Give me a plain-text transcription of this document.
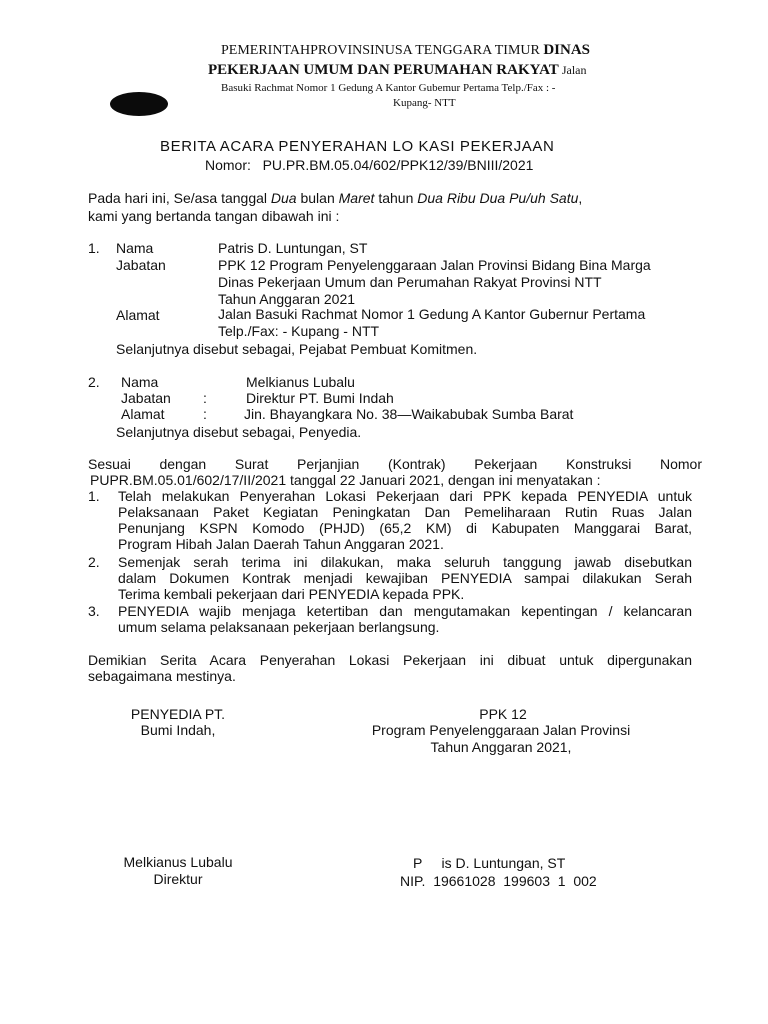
PEMERINTAHPROVINSINUSA TENGGARA TIMUR DINAS
PEKERJAAN UMUM DAN PERUMAHAN RAKYAT Jalan
Basuki Rachmat Nomor 1 Gedung A Kantor Gubemur Pertama Telp./Fax : -
Kupang- NTT
BERITA ACARA PENYERAHAN LO KASI PEKERJAAN
Nomor: PU.PR.BM.05.04/602/PPK12/39/BNIII/2021
Pada hari ini, Se/asa tanggal Dua bulan Maret tahun Dua Ribu Dua Pu/uh Satu,
kami yang bertanda tangan dibawah ini :
1. Nama	Patris D. Luntungan, ST
Jabatan	PPK 12 Program Penyelenggaraan Jalan Provinsi Bidang Bina Marga
Dinas Pekerjaan Umum dan Perumahan Rakyat Provinsi NTT
Tahun Anggaran 2021
Alamat	Jalan Basuki Rachmat Nomor 1 Gedung A Kantor Gubernur Pertama
Telp./Fax: - Kupang - NTT
Selanjutnya disebut sebagai, Pejabat Pembuat Komitmen.
2. Nama	Melkianus Lubalu
Jabatan :	Direktur PT. Bumi Indah
Alamat	:	Jin. Bhayangkara No. 38—Waikabubak Sumba Barat
Selanjutnya disebut sebagai, Penyedia.
Sesuai dengan Surat Perjanjian (Kontrak) Pekerjaan Konstruksi Nomor
PUPR.BM.05.01/602/17/II/2021 tanggal 22 Januari 2021, dengan ini menyatakan :
1. Telah melakukan Penyerahan Lokasi Pekerjaan dari PPK kepada PENYEDIA untuk
Pelaksanaan Paket Kegiatan Peningkatan Dan Pemeliharaan Rutin Ruas Jalan
Penunjang KSPN Komodo (PHJD) (65,2 KM) di Kabupaten Manggarai Barat,
Program Hibah Jalan Daerah Tahun Anggaran 2021.
2. Semenjak serah terima ini dilakukan, maka seluruh tanggung jawab disebutkan
dalam Dokumen Kontrak menjadi kewajiban PENYEDIA sampai dilakukan Serah
Terima kembali pekerjaan dari PENYEDIA kepada PPK.
3. PENYEDIA wajib menjaga ketertiban dan mengutamakan kepentingan / kelancaran
umum selama pelaksanaan pekerjaan berlangsung.
Demikian Serita Acara Penyerahan Lokasi Pekerjaan ini dibuat untuk dipergunakan
sebagaimana mestinya.
PENYEDIA PT.
Bumi Indah,
Melkianus Lubalu
Direktur
PPK 12
Program Penyelenggaraan Jalan Provinsi
Tahun Anggaran 2021,
P     is D. Luntungan, ST
NIP.  19661028  199603  1  002
